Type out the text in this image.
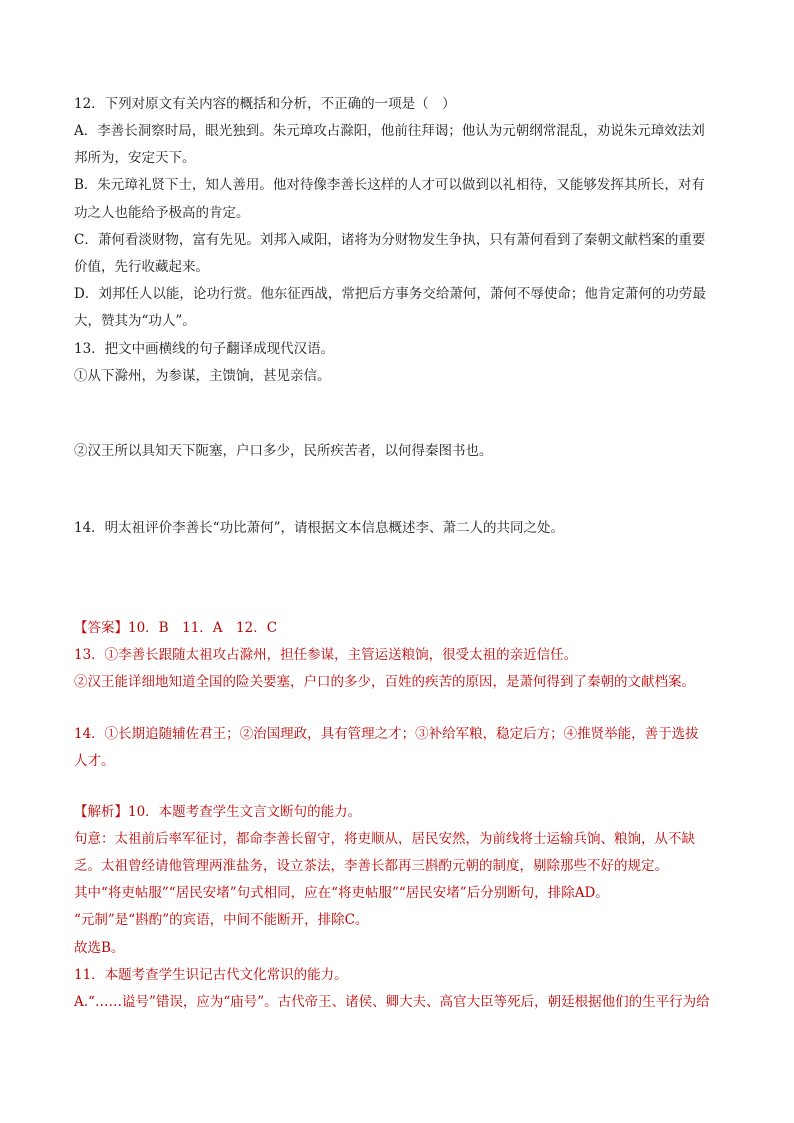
12．下列对原文有关内容的概括和分析，不正确的一项是（　）
A．李善长洞察时局，眼光独到。朱元璋攻占滁阳，他前往拜谒；他认为元朝纲常混乱，劝说朱元璋效法刘
邦所为，安定天下。
B．朱元璋礼贤下士，知人善用。他对待像李善长这样的人才可以做到以礼相待，又能够发挥其所长，对有
功之人也能给予极高的肯定。
C．萧何看淡财物，富有先见。刘邦入咸阳，诸将为分财物发生争执，只有萧何看到了秦朝文献档案的重要
价值，先行收藏起来。
D．刘邦任人以能，论功行赏。他东征西战，常把后方事务交给萧何，萧何不辱使命；他肯定萧何的功劳最
大，赞其为“功人”。
13．把文中画横线的句子翻译成现代汉语。
①从下滁州，为参谋，主馈饷，甚见亲信。
②汉王所以具知天下阨塞，户口多少，民所疾苦者，以何得秦图书也。
14．明太祖评价李善长“功比萧何”，请根据文本信息概述李、萧二人的共同之处。
【答案】10．B　11．A　12．C
13．①李善长跟随太祖攻占滁州，担任参谋，主管运送粮饷，很受太祖的亲近信任。
②汉王能详细地知道全国的险关要塞，户口的多少，百姓的疾苦的原因，是萧何得到了秦朝的文献档案。
14．①长期追随辅佐君王；②治国理政，具有管理之才；③补给军粮，稳定后方；④推贤举能，善于选拔
人才。
【解析】10．本题考查学生文言文断句的能力。
句意：太祖前后率军征讨，都命李善长留守，将吏顺从，居民安然，为前线将士运输兵饷、粮饷，从不缺
乏。太祖曾经请他管理两淮盐务，设立茶法，李善长都再三斟酌元朝的制度，剔除那些不好的规定。
其中“将吏帖服”“居民安堵”句式相同，应在“将吏帖服”“居民安堵”后分别断句，排除AD。
“元制”是“斟酌”的宾语，中间不能断开，排除C。
故选B。
11．本题考查学生识记古代文化常识的能力。
A.“……谥号”错误，应为“庙号”。古代帝王、诸侯、卿大夫、高官大臣等死后，朝廷根据他们的生平行为给
